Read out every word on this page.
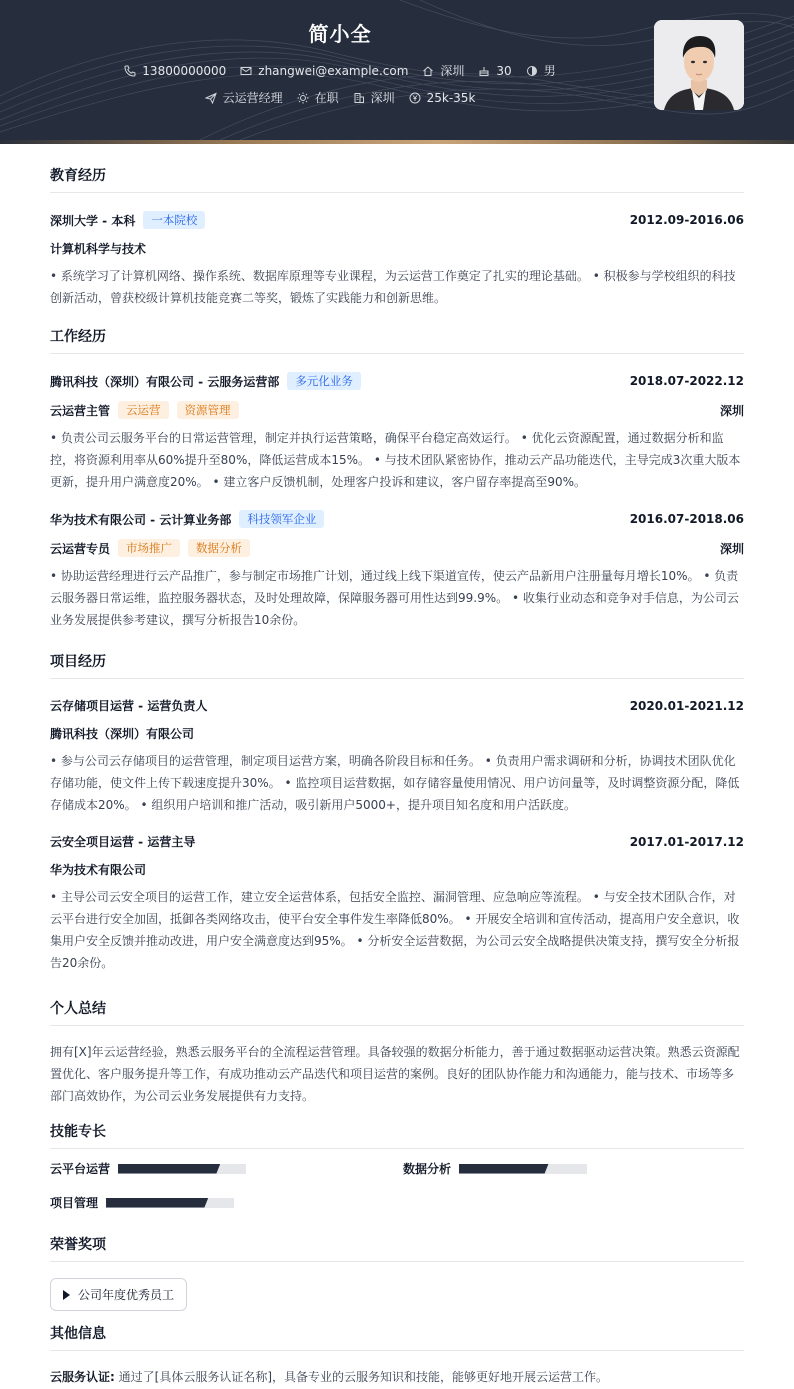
简小全
13800000000	zhangwei@example.com	深圳	30	男
云运营经理	在职	深圳	25k-35k
教育经历
深圳大学 - 本科	一本院校	2012.09-2016.06
计算机科学与技术
• 系统学习了计算机网络、操作系统、数据库原理等专业课程，为云运营工作奠定了扎实的理论基础。 • 积极参与学校组织的科技创新活动，曾获校级计算机技能竞赛二等奖，锻炼了实践能力和创新思维。
工作经历
腾讯科技（深圳）有限公司 - 云服务运营部	多元化业务	2018.07-2022.12
云运营主管	云运营	资源管理	深圳
• 负责公司云服务平台的日常运营管理，制定并执行运营策略，确保平台稳定高效运行。 • 优化云资源配置，通过数据分析和监控，将资源利用率从60%提升至80%，降低运营成本15%。 • 与技术团队紧密协作，推动云产品功能迭代，主导完成3次重大版本更新，提升用户满意度20%。 • 建立客户反馈机制，处理客户投诉和建议，客户留存率提高至90%。
华为技术有限公司 - 云计算业务部	科技领军企业	2016.07-2018.06
云运营专员	市场推广	数据分析	深圳
• 协助运营经理进行云产品推广，参与制定市场推广计划，通过线上线下渠道宣传，使云产品新用户注册量每月增长10%。 • 负责云服务器日常运维，监控服务器状态，及时处理故障，保障服务器可用性达到99.9%。 • 收集行业动态和竞争对手信息，为公司云业务发展提供参考建议，撰写分析报告10余份。
项目经历
云存储项目运营 - 运营负责人	2020.01-2021.12
腾讯科技（深圳）有限公司
• 参与公司云存储项目的运营管理，制定项目运营方案，明确各阶段目标和任务。 • 负责用户需求调研和分析，协调技术团队优化存储功能，使文件上传下载速度提升30%。 • 监控项目运营数据，如存储容量使用情况、用户访问量等，及时调整资源分配，降低存储成本20%。 • 组织用户培训和推广活动，吸引新用户5000+，提升项目知名度和用户活跃度。
云安全项目运营 - 运营主导	2017.01-2017.12
华为技术有限公司
• 主导公司云安全项目的运营工作，建立安全运营体系，包括安全监控、漏洞管理、应急响应等流程。 • 与安全技术团队合作，对云平台进行安全加固，抵御各类网络攻击，使平台安全事件发生率降低80%。 • 开展安全培训和宣传活动，提高用户安全意识，收集用户安全反馈并推动改进，用户安全满意度达到95%。 • 分析安全运营数据，为公司云安全战略提供决策支持，撰写安全分析报告20余份。
个人总结
拥有[X]年云运营经验，熟悉云服务平台的全流程运营管理。具备较强的数据分析能力，善于通过数据驱动运营决策。熟悉云资源配置优化、客户服务提升等工作，有成功推动云产品迭代和项目运营的案例。良好的团队协作能力和沟通能力，能与技术、市场等多部门高效协作，为公司云业务发展提供有力支持。
技能专长
云平台运营	数据分析
项目管理
荣誉奖项
公司年度优秀员工
其他信息
云服务认证: 通过了[具体云服务认证名称]，具备专业的云服务知识和技能，能够更好地开展云运营工作。
